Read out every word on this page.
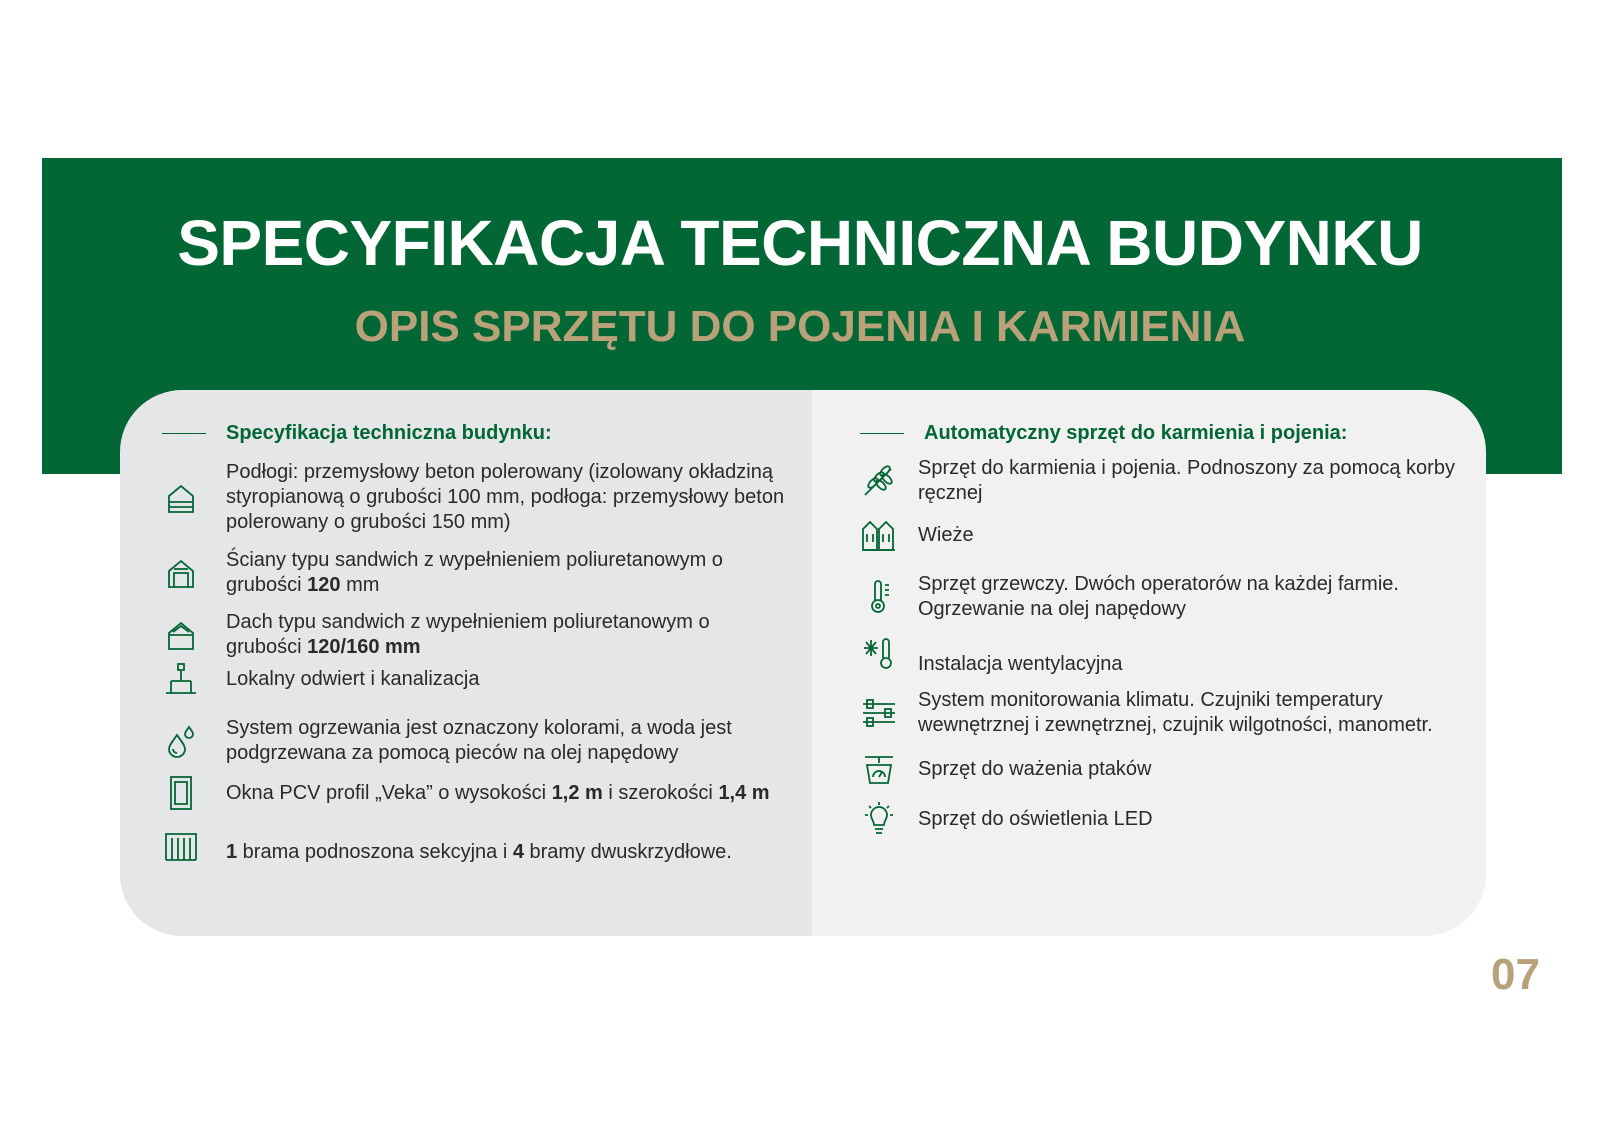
SPECYFIKACJA TECHNICZNA BUDYNKU
OPIS SPRZĘTU DO POJENIA I KARMIENIA
Specyfikacja techniczna budynku:
Podłogi: przemysłowy beton polerowany (izolowany okładziną styropianową o grubości 100 mm, podłoga: przemysłowy beton polerowany o grubości 150 mm)
Ściany typu sandwich z wypełnieniem poliuretanowym o grubości 120 mm
Dach typu sandwich z wypełnieniem poliuretanowym o grubości 120/160 mm
Lokalny odwiert i kanalizacja
System ogrzewania jest oznaczony kolorami, a woda jest podgrzewana za pomocą pieców na olej napędowy
Okna PCV profil „Veka” o wysokości 1,2 m i szerokości 1,4 m
1 brama podnoszona sekcyjna i 4 bramy dwuskrzydłowe.
Automatyczny sprzęt do karmienia i pojenia:
Sprzęt do karmienia i pojenia. Podnoszony za pomocą korby ręcznej
Wieże
Sprzęt grzewczy. Dwóch operatorów na każdej farmie. Ogrzewanie na olej napędowy
Instalacja wentylacyjna
System monitorowania klimatu. Czujniki temperatury wewnętrznej i zewnętrznej, czujnik wilgotności, manometr.
Sprzęt do ważenia ptaków
Sprzęt do oświetlenia LED
07
